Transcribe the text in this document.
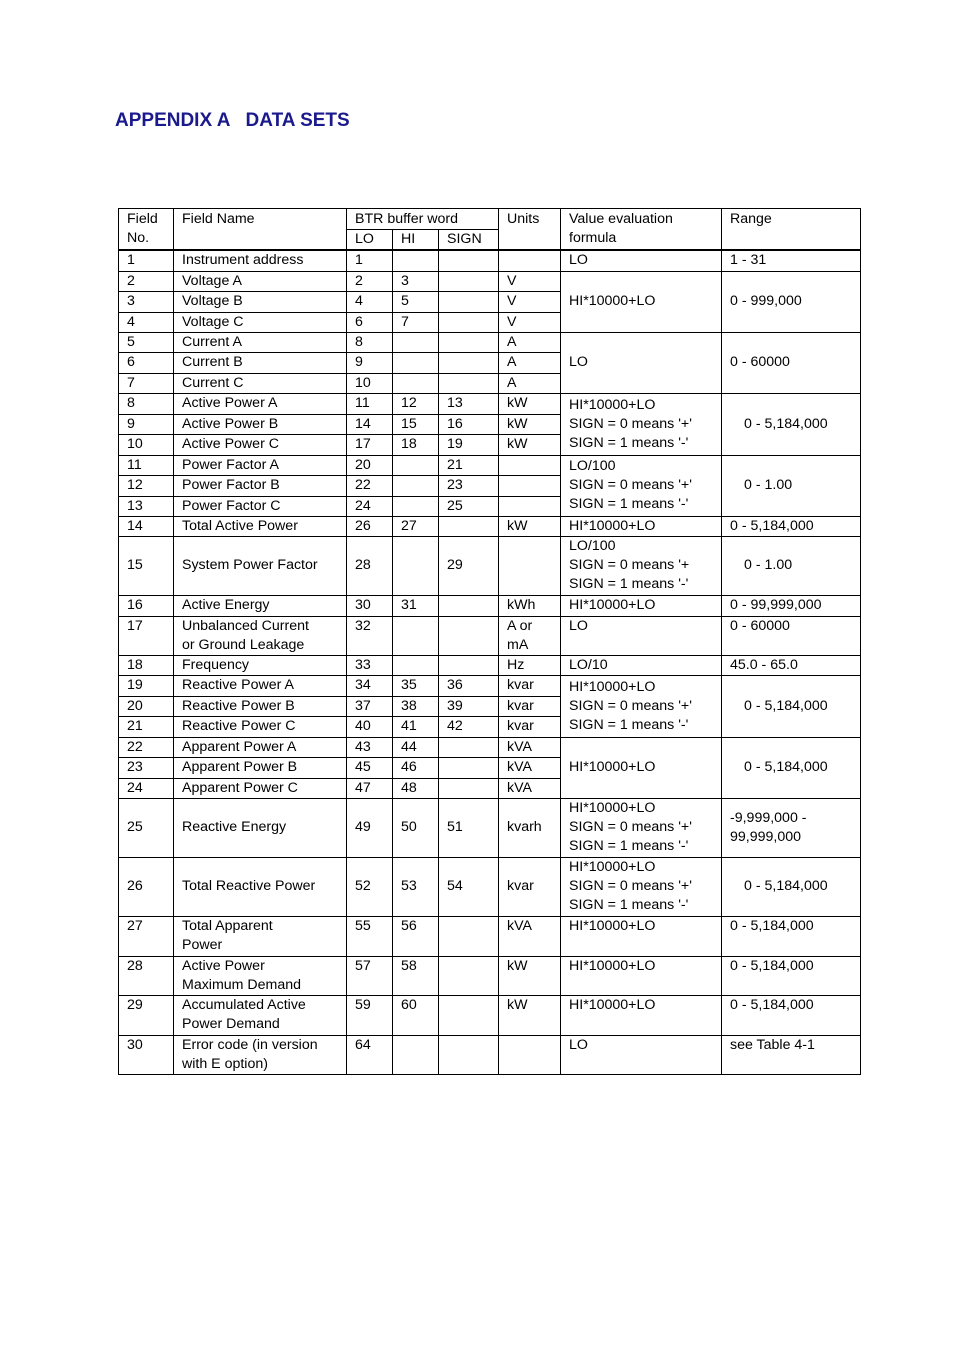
APPENDIX A   DATA SETS
Field
No.	Field Name	BTR buffer word			Units	Value evaluation
formula	Range
		LO	HI	SIGN			
1	Instrument address	1				LO	1 - 31
2	Voltage A	2	3		V	HI*10000+LO	0 - 999,000
3	Voltage B	4	5		V		
4	Voltage C	6	7		V		
5	Current A	8			A	LO	0 - 60000
6	Current B	9			A		
7	Current C	10			A		
8	Active Power A	11	12	13	kW	HI*10000+LO
SIGN = 0 means '+'
SIGN = 1 means '-'	0 - 5,184,000
9	Active Power B	14	15	16	kW		
10	Active Power C	17	18	19	kW		
11	Power Factor A	20		21		LO/100
SIGN = 0 means '+'
SIGN = 1 means '-'	0 - 1.00
12	Power Factor B	22		23			
13	Power Factor C	24		25			
14	Total Active Power	26	27		kW	HI*10000+LO	0 - 5,184,000
15	System Power Factor	28		29		LO/100
SIGN = 0 means '+
SIGN = 1 means '-'	0 - 1.00
16	Active Energy	30	31		kWh	HI*10000+LO	0 - 99,999,000
17	Unbalanced Current
or Ground Leakage	32			A or
mA	LO	0 - 60000
18	Frequency	33			Hz	LO/10	45.0 - 65.0
19	Reactive Power A	34	35	36	kvar	HI*10000+LO
SIGN = 0 means '+'
SIGN = 1 means '-'	0 - 5,184,000
20	Reactive Power B	37	38	39	kvar		
21	Reactive Power C	40	41	42	kvar		
22	Apparent Power A	43	44		kVA	HI*10000+LO	0 - 5,184,000
23	Apparent Power B	45	46		kVA		
24	Apparent Power C	47	48		kVA		
25	Reactive Energy	49	50	51	kvarh	HI*10000+LO
SIGN = 0 means '+'
SIGN = 1 means '-'	-9,999,000 -
99,999,000
26	Total Reactive Power	52	53	54	kvar	HI*10000+LO
SIGN = 0 means '+'
SIGN = 1 means '-'	0 - 5,184,000
27	Total Apparent
Power	55	56		kVA	HI*10000+LO	0 - 5,184,000
28	Active Power
Maximum Demand	57	58		kW	HI*10000+LO	0 - 5,184,000
29	Accumulated Active
Power Demand	59	60		kW	HI*10000+LO	0 - 5,184,000
30	Error code (in version
with E option)	64				LO	see Table 4-1
